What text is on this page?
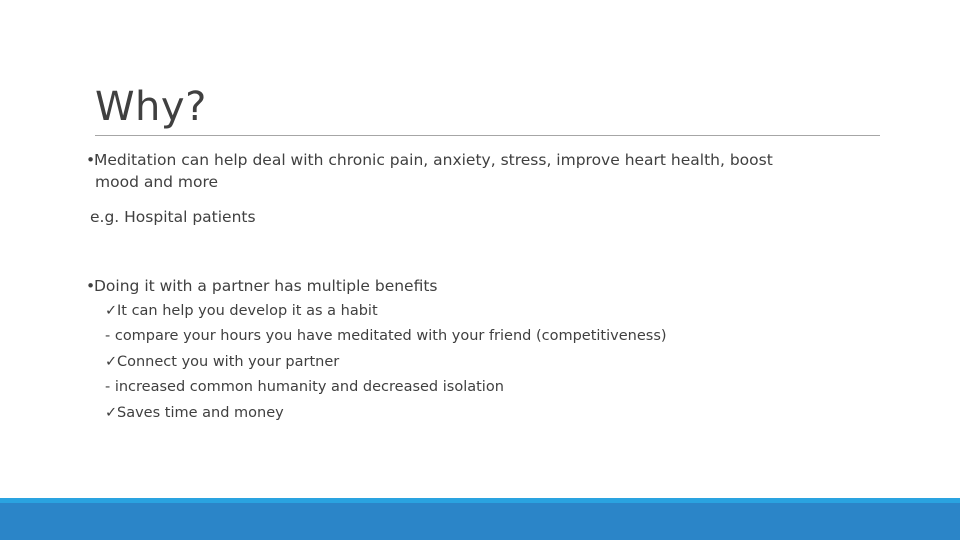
Why?
•Meditation can help deal with chronic pain, anxiety, stress, improve heart health, boost
mood and more
e.g. Hospital patients
•Doing it with a partner has multiple benefits
✓It can help you develop it as a habit
- compare your hours you have meditated with your friend (competitiveness)
✓Connect you with your partner
- increased common humanity and decreased isolation
✓Saves time and money
